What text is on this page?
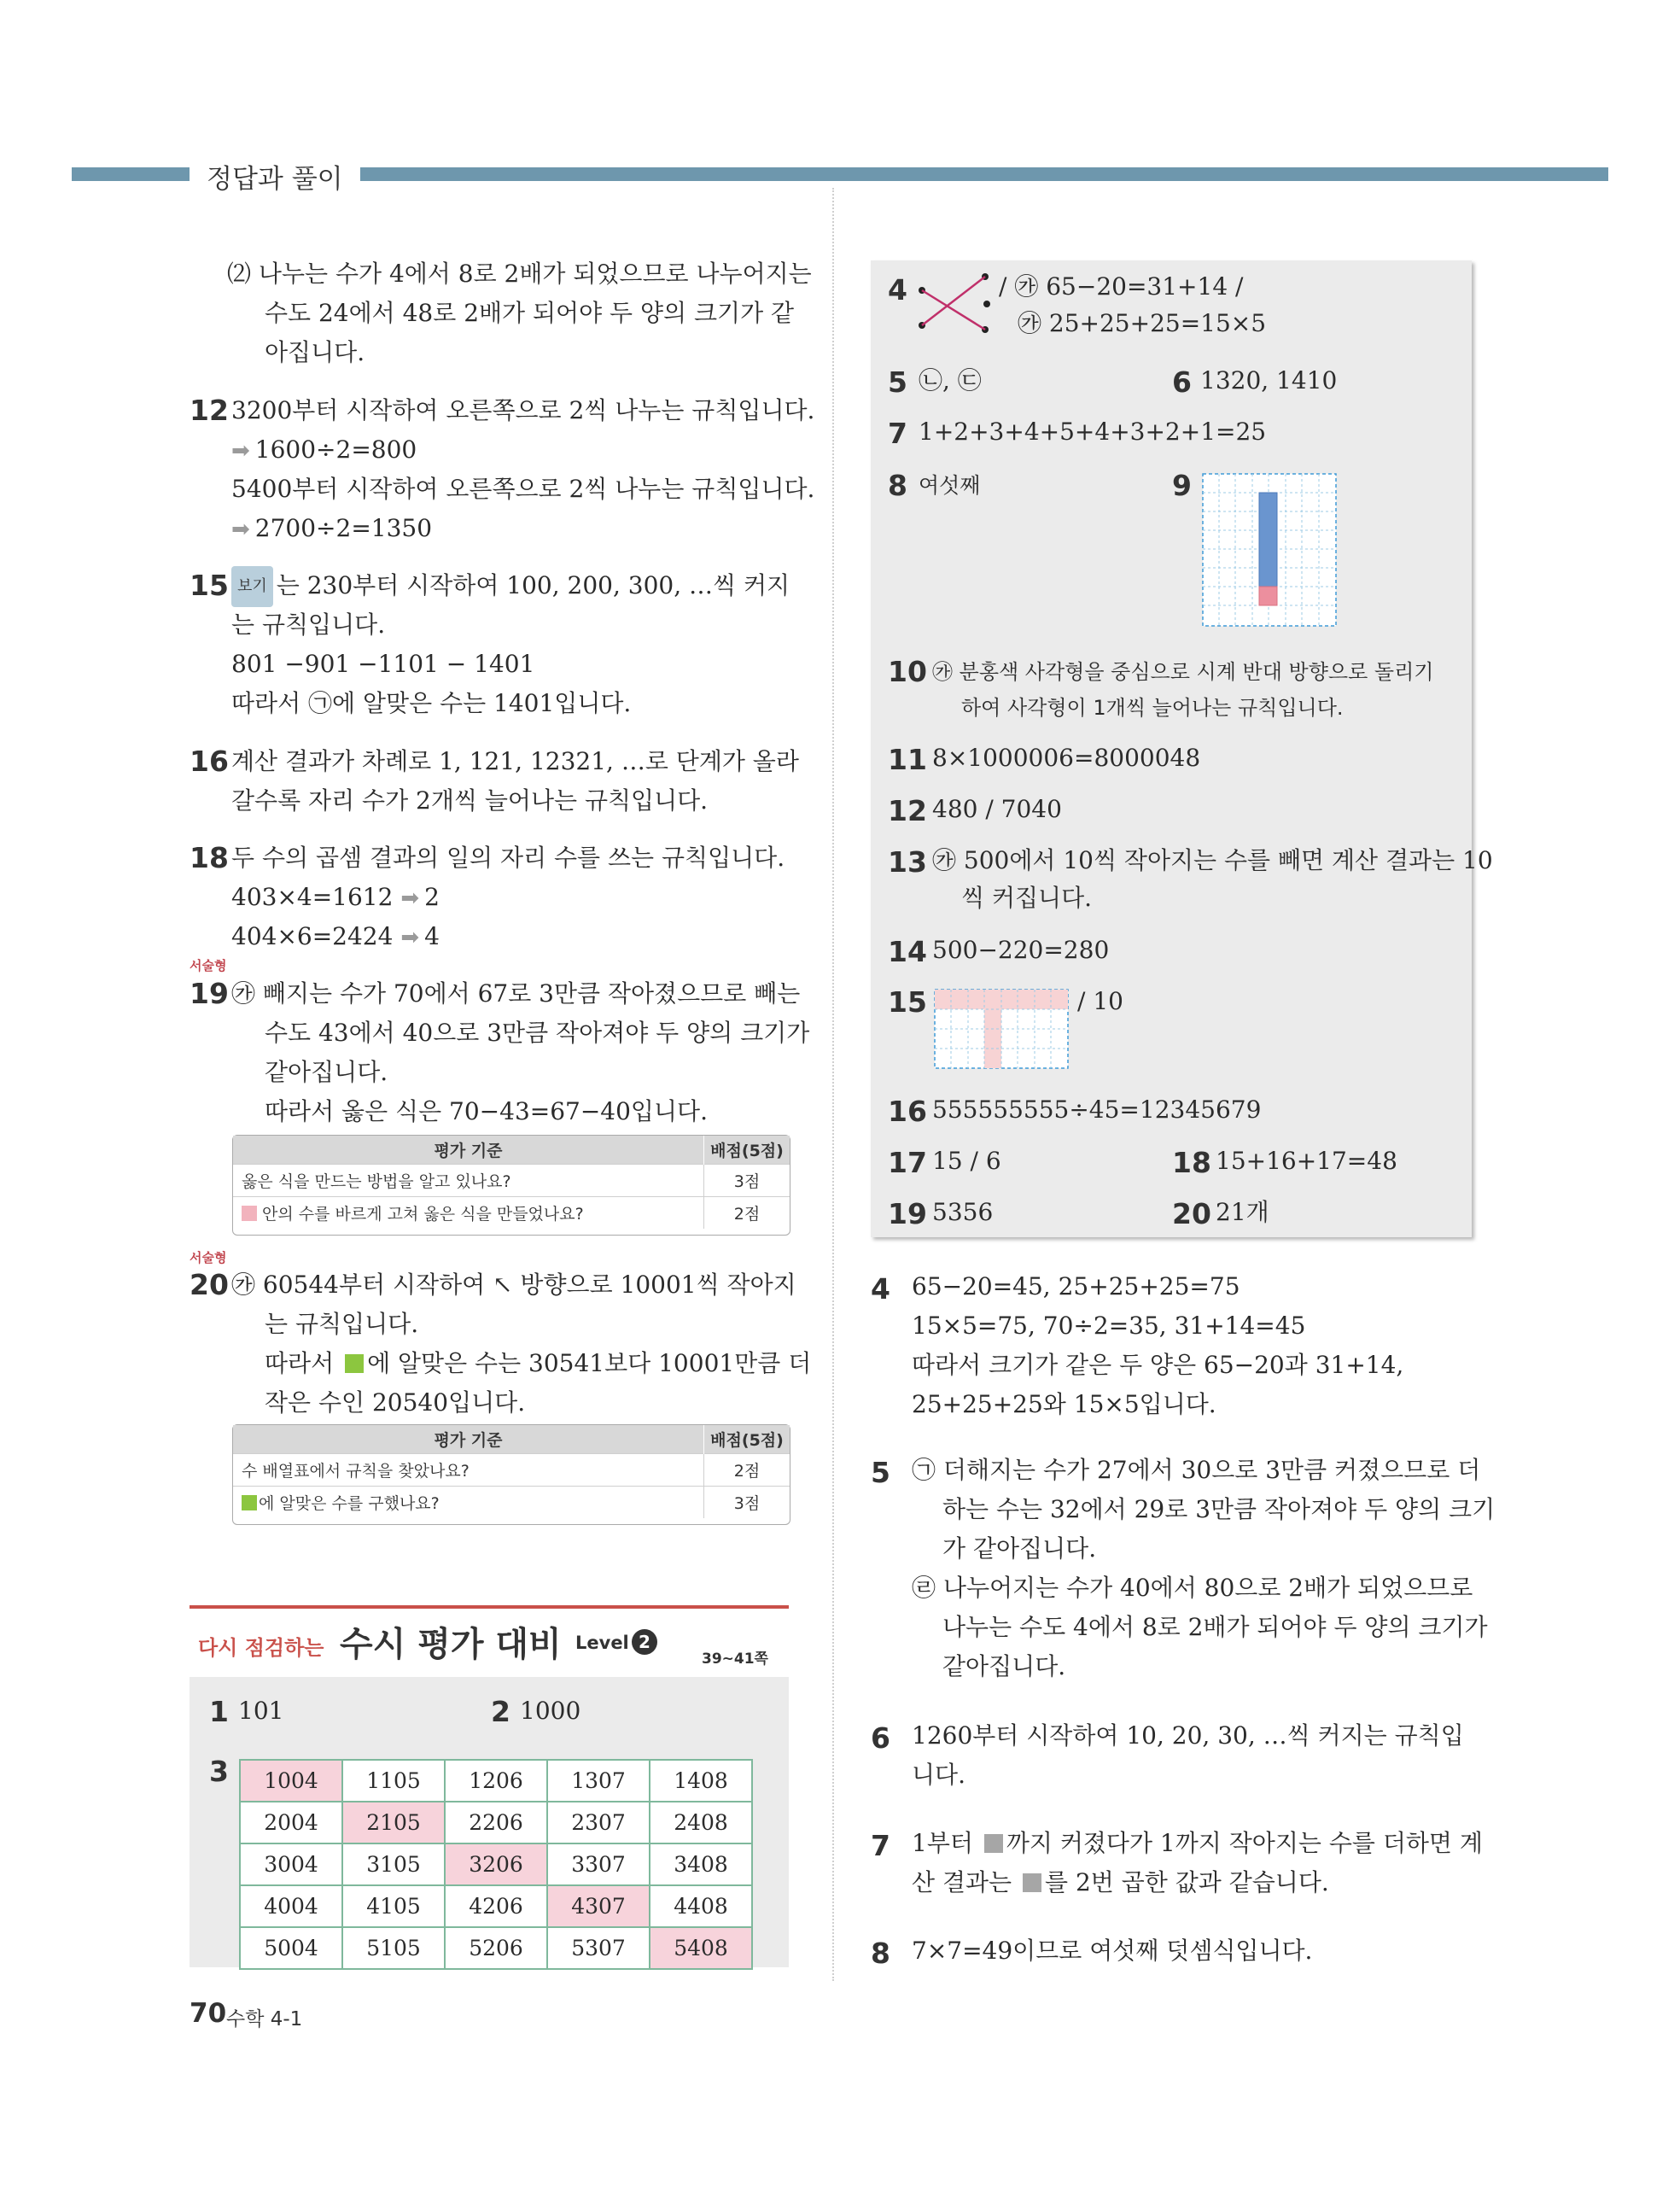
정답과 풀이
⑵ 나누는 수가 4에서 8로 2배가 되었으므로 나누어지는
수도 24에서 48로 2배가 되어야 두 양의 크기가 같
아집니다.
12 3200부터 시작하여 오른쪽으로 2씩 나누는 규칙입니다.
➡ 1600÷2=800
5400부터 시작하여 오른쪽으로 2씩 나누는 규칙입니다.
➡ 2700÷2=1350
15 보기 는 230부터 시작하여 100, 200, 300, …씩 커지
는 규칙입니다.
801 −901 −1101 − 1401
따라서 ㉠에 알맞은 수는 1401입니다.
16 계산 결과가 차례로 1, 121, 12321, …로 단계가 올라
갈수록 자리 수가 2개씩 늘어나는 규칙입니다.
18 두 수의 곱셈 결과의 일의 자리 수를 쓰는 규칙입니다.
403×4=1612 ➡ 2
404×6=2424 ➡ 4
서술형
19 ㉮ 빼지는 수가 70에서 67로 3만큼 작아졌으므로 빼는
수도 43에서 40으로 3만큼 작아져야 두 양의 크기가
같아집니다.
따라서 옳은 식은 70−43=67−40입니다.
평가 기준	배점(5점)
옳은 식을 만드는 방법을 알고 있나요?	3점
안의 수를 바르게 고쳐 옳은 식을 만들었나요?	2점
서술형
20 ㉮ 60544부터 시작하여 ↖ 방향으로 10001씩 작아지
는 규칙입니다.
따라서 에 알맞은 수는 30541보다 10001만큼 더
작은 수인 20540입니다.
평가 기준	배점(5점)
수 배열표에서 규칙을 찾았나요?	2점
에 알맞은 수를 구했나요?	3점
다시 점검하는 수시 평가 대비 Level 2
39~41쪽
1 101	2 1000
3 1004	1105	1206	1307	1408
2004	2105	2206	2307	2408
3004	3105	3206	3307	3408
4004	4105	4206	4307	4408
5004	5105	5206	5307	5408
4	/ ㉮ 65−20=31+14 /
㉮ 25+25+25=15×5
5 ㉡, ㉢	6 1320, 1410
7 1+2+3+4+5+4+3+2+1=25
8 여섯째	9
10 ㉮ 분홍색 사각형을 중심으로 시계 반대 방향으로 돌리기
하여 사각형이 1개씩 늘어나는 규칙입니다.
11 8×1000006=8000048
12 480 / 7040
13 ㉮ 500에서 10씩 작아지는 수를 빼면 계산 결과는 10
씩 커집니다.
14 500−220=280
15	/ 10
16 555555555÷45=12345679
17 15 / 6	18 15+16+17=48
19 5356	20 21개
4 65−20=45, 25+25+25=75
15×5=75, 70÷2=35, 31+14=45
따라서 크기가 같은 두 양은 65−20과 31+14,
25+25+25와 15×5입니다.
5 ㉠ 더해지는 수가 27에서 30으로 3만큼 커졌으므로 더
하는 수는 32에서 29로 3만큼 작아져야 두 양의 크기
가 같아집니다.
㉣ 나누어지는 수가 40에서 80으로 2배가 되었으므로
나누는 수도 4에서 8로 2배가 되어야 두 양의 크기가
같아집니다.
6 1260부터 시작하여 10, 20, 30, …씩 커지는 규칙입
니다.
7 1부터 까지 커졌다가 1까지 작아지는 수를 더하면 계
산 결과는 를 2번 곱한 값과 같습니다.
8 7×7=49이므로 여섯째 덧셈식입니다.
70 수학 4-1
